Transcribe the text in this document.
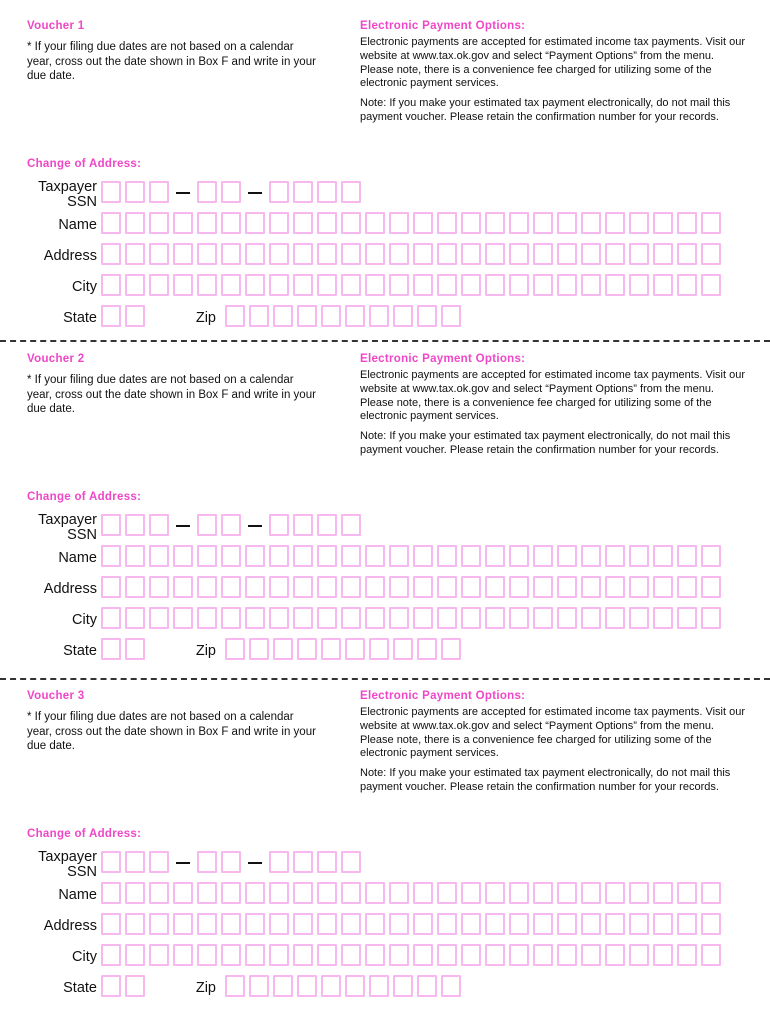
Voucher 1
* If your filing due dates are not based on a calendar year, cross out the date shown in Box F and write in your due date.
Electronic Payment Options:
Electronic payments are accepted for estimated income tax payments. Visit our website at www.tax.ok.gov and select “Payment Options” from the menu. Please note, there is a convenience fee charged for utilizing some of the electronic payment services.
Note: If you make your estimated tax payment electronically, do not mail this payment voucher. Please retain the confirmation number for your records.
Change of Address:
Taxpayer
SSN
Name
Address
City
State	Zip
Voucher 2
* If your filing due dates are not based on a calendar year, cross out the date shown in Box F and write in your due date.
Electronic Payment Options:
Electronic payments are accepted for estimated income tax payments. Visit our website at www.tax.ok.gov and select “Payment Options” from the menu. Please note, there is a convenience fee charged for utilizing some of the electronic payment services.
Note: If you make your estimated tax payment electronically, do not mail this payment voucher. Please retain the confirmation number for your records.
Change of Address:
Taxpayer
SSN
Name
Address
City
State	Zip
Voucher 3
* If your filing due dates are not based on a calendar year, cross out the date shown in Box F and write in your due date.
Electronic Payment Options:
Electronic payments are accepted for estimated income tax payments. Visit our website at www.tax.ok.gov and select “Payment Options” from the menu. Please note, there is a convenience fee charged for utilizing some of the electronic payment services.
Note: If you make your estimated tax payment electronically, do not mail this payment voucher. Please retain the confirmation number for your records.
Change of Address:
Taxpayer
SSN
Name
Address
City
State	Zip
